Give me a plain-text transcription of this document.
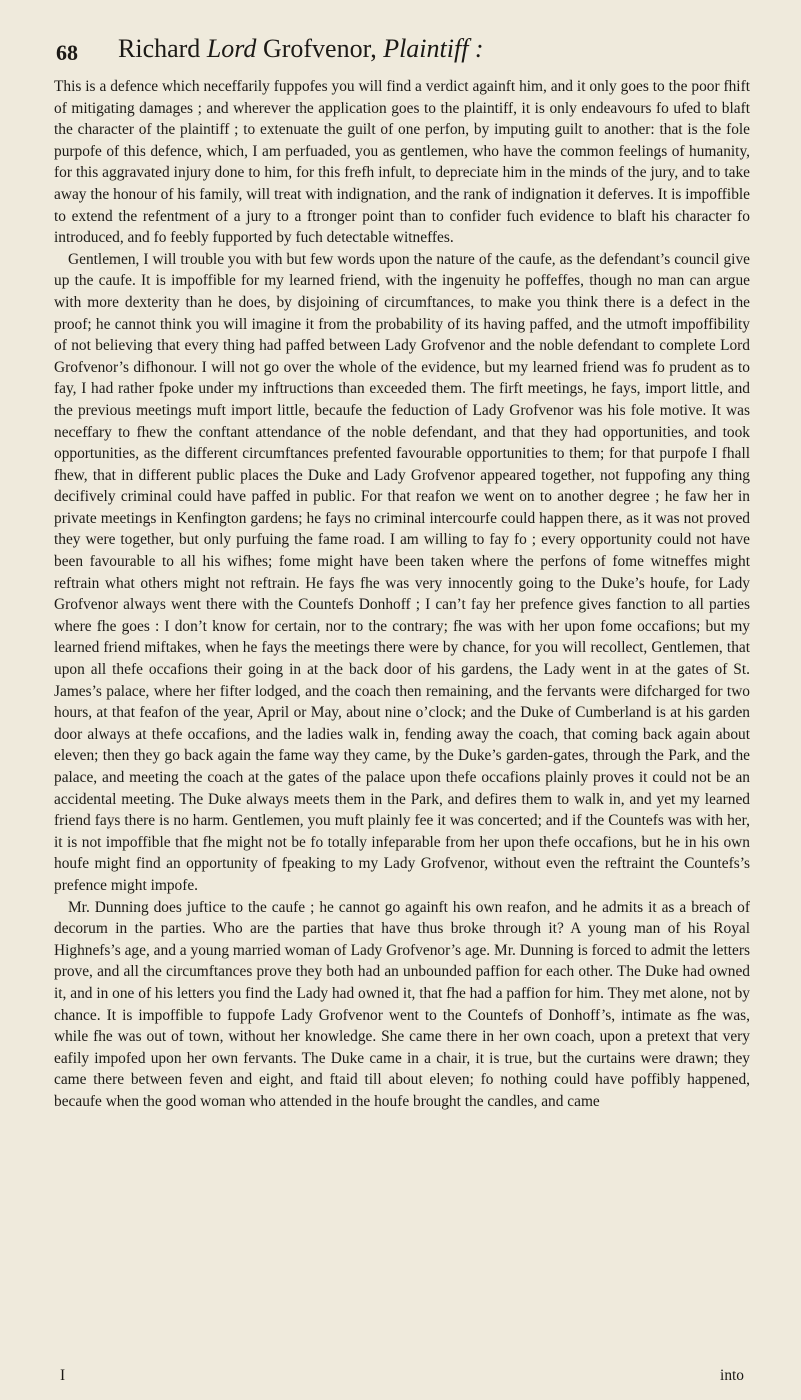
68 Richard Lord Grofvenor, Plaintiff :

This is a defence which neceffarily fuppofes you will find a verdict againft him, and it only goes to the poor fhift of mitigating damages ; and wherever the application goes to the plaintiff, it is only endeavours fo ufed to blaft the character of the plaintiff ; to extenuate the guilt of one perfon, by imputing guilt to another: that is the fole purpofe of this defence, which, I am perfuaded, you as gentlemen, who have the common feelings of humanity, for this aggravated injury done to him, for this frefh infult, to depreciate him in the minds of the jury, and to take away the honour of his family, will treat with indignation, and the rank of indignation it deferves. It is impoffible to extend the refentment of a jury to a ftronger point than to confider fuch evidence to blaft his character fo introduced, and fo feebly fupported by fuch detectable witneffes.

Gentlemen, I will trouble you with but few words upon the nature of the caufe, as the defendant’s council give up the caufe. It is impoffible for my learned friend, with the ingenuity he poffeffes, though no man can argue with more dexterity than he does, by disjoining of circumftances, to make you think there is a defect in the proof; he cannot think you will imagine it from the probability of its having paffed, and the utmoft impoffibility of not believing that every thing had paffed between Lady Grofvenor and the noble defendant to complete Lord Grofvenor’s difhonour. I will not go over the whole of the evidence, but my learned friend was fo prudent as to fay, I had rather fpoke under my inftructions than exceeded them. The firft meetings, he fays, import little, and the previous meetings muft import little, becaufe the feduction of Lady Grofvenor was his fole motive. It was neceffary to fhew the conftant attendance of the noble defendant, and that they had opportunities, and took opportunities, as the different circumftances prefented favourable opportunities to them; for that purpofe I fhall fhew, that in different public places the Duke and Lady Grofvenor appeared together, not fuppofing any thing decifively criminal could have paffed in public. For that reafon we went on to another degree ; he faw her in private meetings in Kenfington gardens; he fays no criminal intercourfe could happen there, as it was not proved they were together, but only purfuing the fame road. I am willing to fay fo ; every opportunity could not have been favourable to all his wifhes; fome might have been taken where the perfons of fome witneffes might reftrain what others might not reftrain. He fays fhe was very innocently going to the Duke’s houfe, for Lady Grofvenor always went there with the Countefs Donhoff ; I can’t fay her prefence gives fanction to all parties where fhe goes : I don’t know for certain, nor to the contrary; fhe was with her upon fome occafions; but my learned friend miftakes, when he fays the meetings there were by chance, for you will recollect, Gentlemen, that upon all thefe occafions their going in at the back door of his gardens, the Lady went in at the gates of St. James’s palace, where her fifter lodged, and the coach then remaining, and the fervants were difcharged for two hours, at that feafon of the year, April or May, about nine o’clock; and the Duke of Cumberland is at his garden door always at thefe occafions, and the ladies walk in, fending away the coach, that coming back again about eleven; then they go back again the fame way they came, by the Duke’s garden-gates, through the Park, and the palace, and meeting the coach at the gates of the palace upon thefe occafions plainly proves it could not be an accidental meeting. The Duke always meets them in the Park, and defires them to walk in, and yet my learned friend fays there is no harm. Gentlemen, you muft plainly fee it was concerted; and if the Countefs was with her, it is not impoffible that fhe might not be fo totally infeparable from her upon thefe occafions, but he in his own houfe might find an opportunity of fpeaking to my Lady Grofvenor, without even the reftraint the Countefs’s prefence might impofe.

Mr. Dunning does juftice to the caufe ; he cannot go againft his own reafon, and he admits it as a breach of decorum in the parties. Who are the parties that have thus broke through it? A young man of his Royal Highnefs’s age, and a young married woman of Lady Grofvenor’s age. Mr. Dunning is forced to admit the letters prove, and all the circumftances prove they both had an unbounded paffion for each other. The Duke had owned it, and in one of his letters you find the Lady had owned it, that fhe had a paffion for him. They met alone, not by chance. It is impoffible to fuppofe Lady Grofvenor went to the Countefs of Donhoff’s, intimate as fhe was, while fhe was out of town, without her knowledge. She came there in her own coach, upon a pretext that very eafily impofed upon her own fervants. The Duke came in a chair, it is true, but the curtains were drawn; they came there between feven and eight, and ftaid till about eleven; fo nothing could have poffibly happened, becaufe when the good woman who attended in the houfe brought the candles, and came

I	into
